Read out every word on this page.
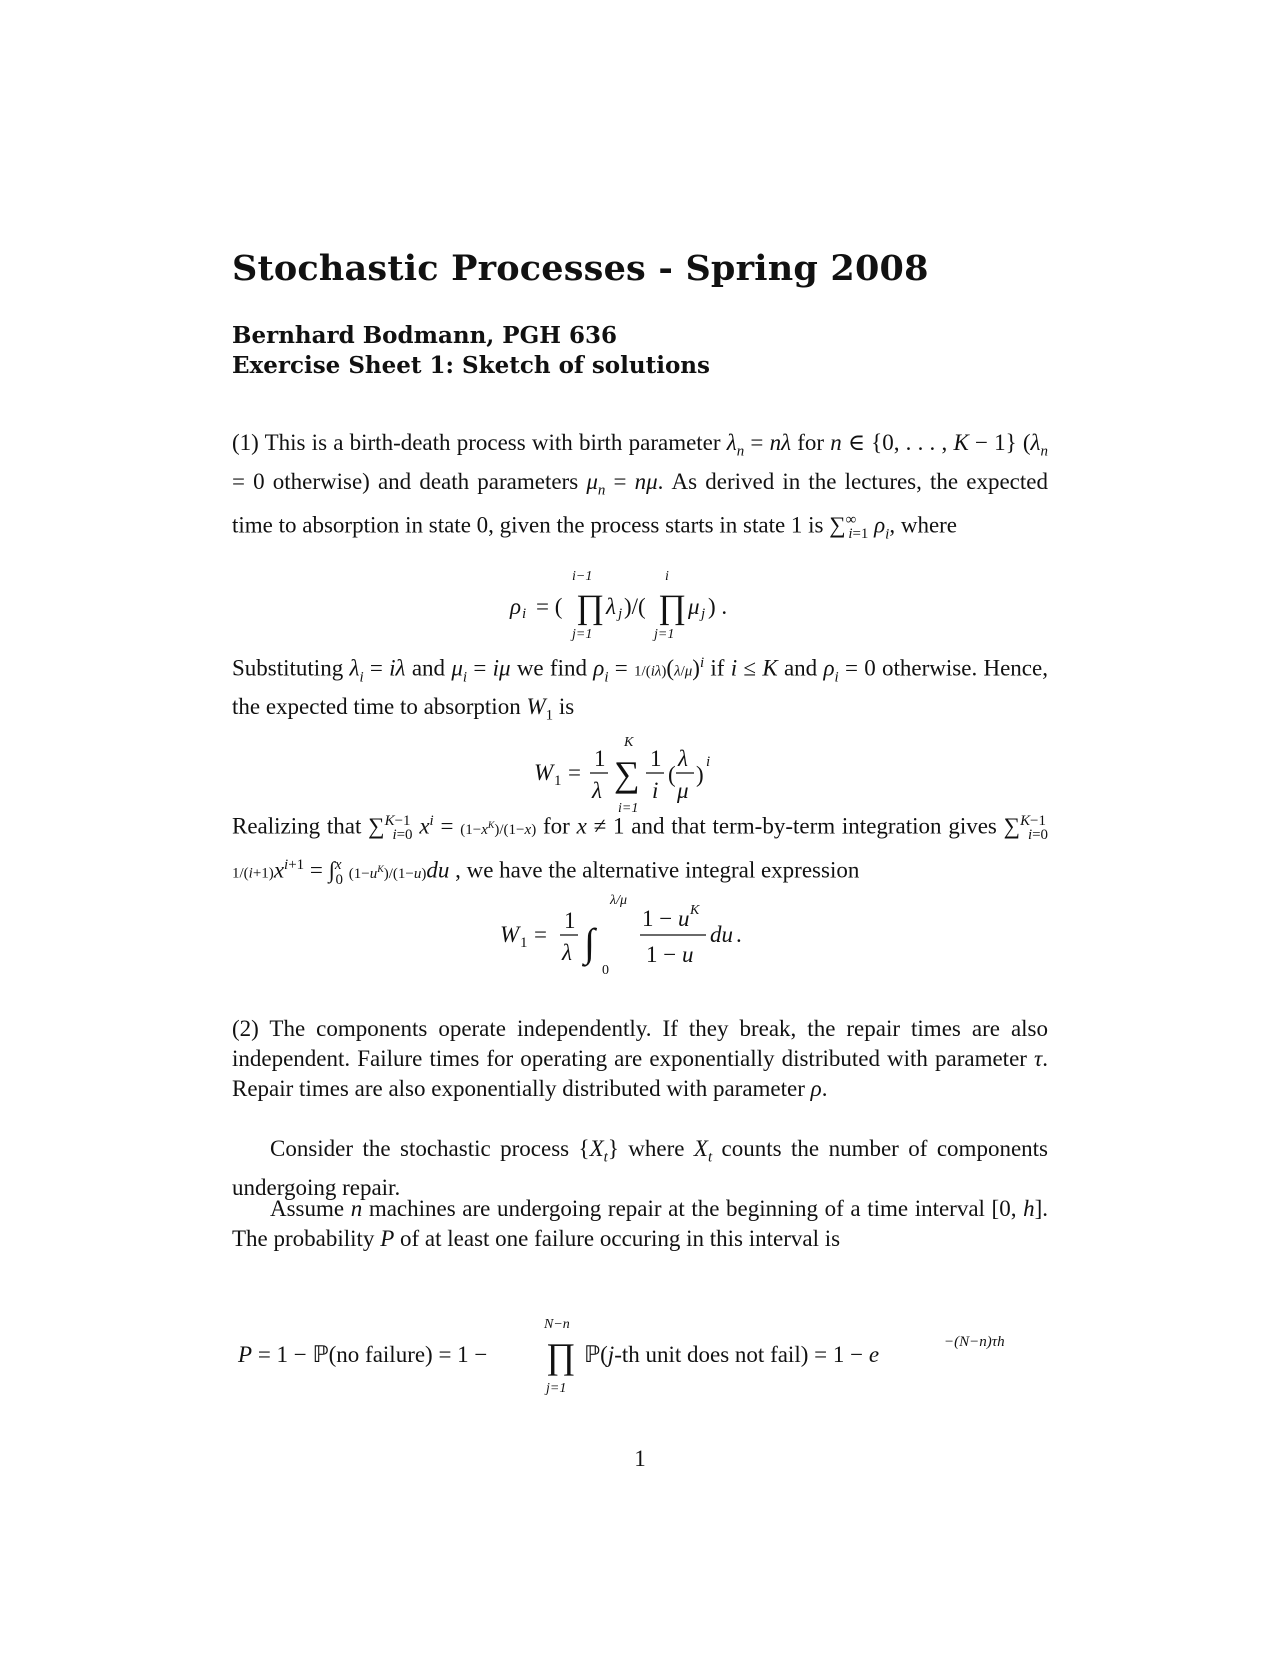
Stochastic Processes - Spring 2008
Bernhard Bodmann, PGH 636
Exercise Sheet 1: Sketch of solutions

(1) This is a birth-death process with birth parameter $\lambda_n = n\lambda$ for n ∈ {0, . . . , K − 1} ($\lambda_n = 0$ otherwise) and death parameters $\mu_n = n\mu$. As derived in the lectures, the expected time to absorption in state 0, given the process starts in state 1 is $\sum^\infty_{i=1}$ $\rho_i$, where

ρ i = ( ∏
i−1
j=1
λ j )/( ∏
i
j=1
μ j ) .

Substituting $\lambda_i = i\lambda$ and $\mu_i = i\mu$ we find $\rho_i = 1/(i\lambda)(\lambda/\mu)^i$ if i ≤ K and $\rho_i = 0$ otherwise. Hence, the expected time to absorption $W_1$ is

W 1 =
1
λ ∑
K
i=1
1
i
(
λ
μ
) i

Realizing that ∑$^{K-1}_{i=0}$ $x^i = (1-x^K)/(1-x)$ for x ≠ 1 and that term-by-term integration gives ∑$^{K-1}_{i=0}$ $1/(i+1)x^{i+1} = \int^x_0$ $(1-u^K)/(1-u)du$ , we have the alternative integral expression

W 1 =
1
λ ∫
λ/μ
0
1 − u K
1 − u
du .

(2) The components operate independently. If they break, the repair times are also independent. Failure times for operating are exponentially distributed with parameter τ. Repair times are also exponentially distributed with parameter ρ.

Consider the stochastic process $\{X_t\}$ where $X_t$ counts the number of components undergoing repair.

Assume n machines are undergoing repair at the beginning of a time interval [0, h]. The probability P of at least one failure occuring in this interval is

P = 1 − ℙ(no failure) = 1 − ∏
N−n
j=1
ℙ(j-th unit does not fail) = 1 − e	−(N−n)τh
1
